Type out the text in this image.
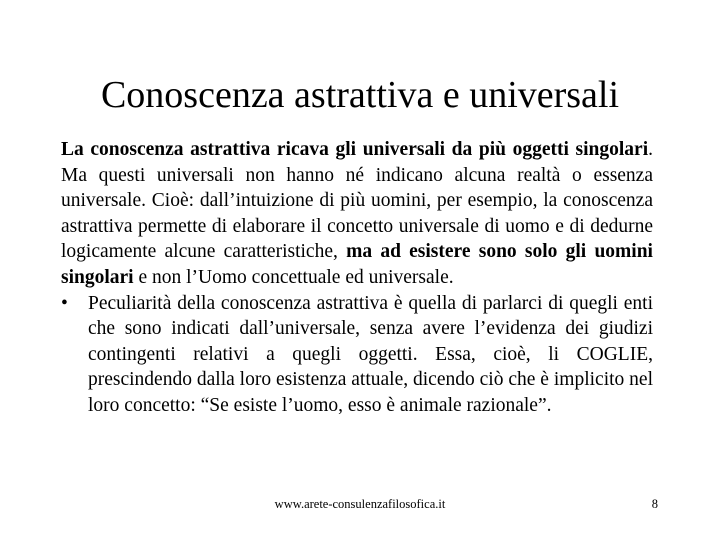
Conoscenza astrattiva e universali

La conoscenza astrattiva ricava gli universali da più oggetti singolari. Ma questi universali non hanno né indicano alcuna realtà o essenza universale. Cioè: dall’intuizione di più uomini, per esempio, la conoscenza astrattiva permette di elaborare il concetto universale di uomo e di dedurne logicamente alcune caratteristiche, ma ad esistere sono solo gli uomini singolari e non l’Uomo concettuale ed universale.

• Peculiarità della conoscenza astrattiva è quella di parlarci di quegli enti che sono indicati dall’universale, senza avere l’evidenza dei giudizi contingenti relativi a quegli oggetti. Essa, cioè, li COGLIE, prescindendo dalla loro esistenza attuale, dicendo ciò che è implicito nel loro concetto: “Se esiste l’uomo, esso è animale razionale”.

www.arete-consulenzafilosofica.it	8
